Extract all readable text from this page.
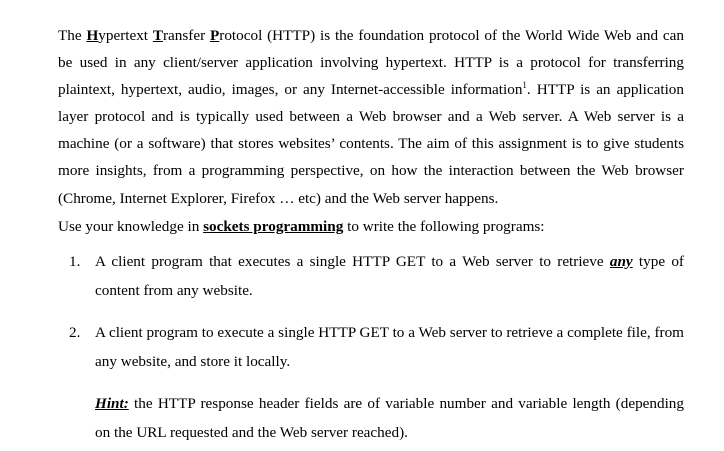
The Hypertext Transfer Protocol (HTTP) is the foundation protocol of the World Wide Web and can be used in any client/server application involving hypertext. HTTP is a protocol for transferring plaintext, hypertext, audio, images, or any Internet-accessible information$^1$. HTTP is an application layer protocol and is typically used between a Web browser and a Web server. A Web server is a machine (or a software) that stores websites’ contents. The aim of this assignment is to give students more insights, from a programming perspective, on how the interaction between the Web browser (Chrome, Internet Explorer, Firefox … etc) and the Web server happens.

Use your knowledge in sockets programming to write the following programs:

1. A client program that executes a single HTTP GET to a Web server to retrieve any type of content from any website.
2. A client program to execute a single HTTP GET to a Web server to retrieve a complete file, from any website, and store it locally.

Hint: the HTTP response header fields are of variable number and variable length (depending on the URL requested and the Web server reached).
